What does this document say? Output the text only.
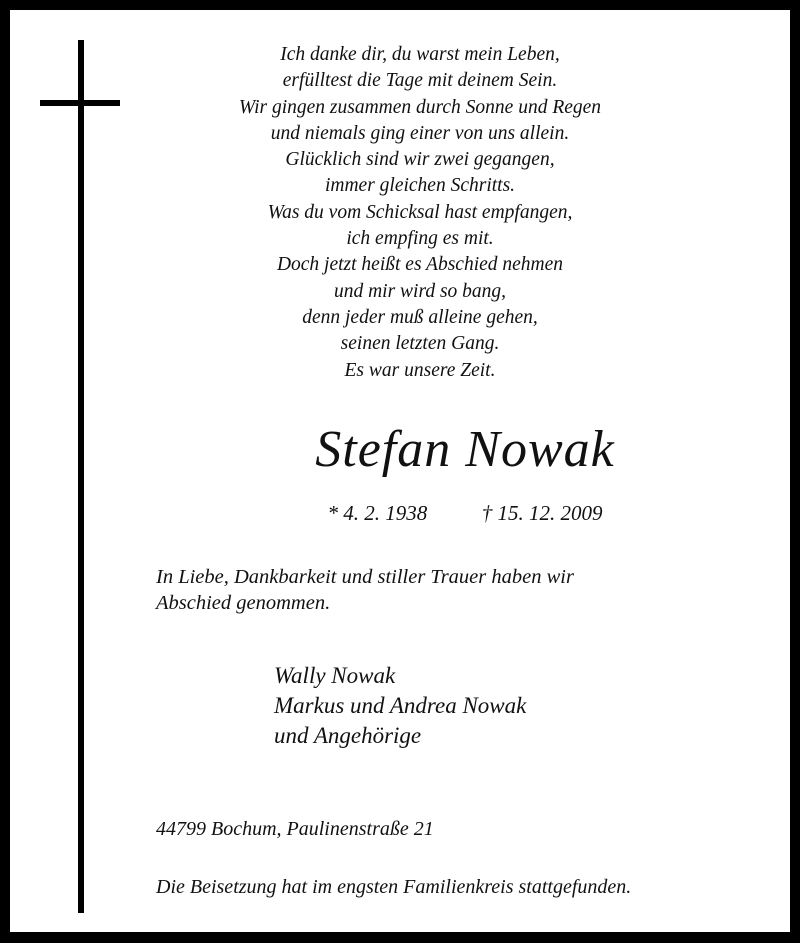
Ich danke dir, du warst mein Leben,
erfülltest die Tage mit deinem Sein.
Wir gingen zusammen durch Sonne und Regen
und niemals ging einer von uns allein.
Glücklich sind wir zwei gegangen,
immer gleichen Schritts.
Was du vom Schicksal hast empfangen,
ich empfing es mit.
Doch jetzt heißt es Abschied nehmen
und mir wird so bang,
denn jeder muß alleine gehen,
seinen letzten Gang.
Es war unsere Zeit.
Stefan Nowak
* 4. 2. 1938	† 15. 12. 2009
In Liebe, Dankbarkeit und stiller Trauer haben wir
Abschied genommen.
Wally Nowak
Markus und Andrea Nowak
und Angehörige
44799 Bochum, Paulinenstraße 21
Die Beisetzung hat im engsten Familienkreis stattgefunden.
